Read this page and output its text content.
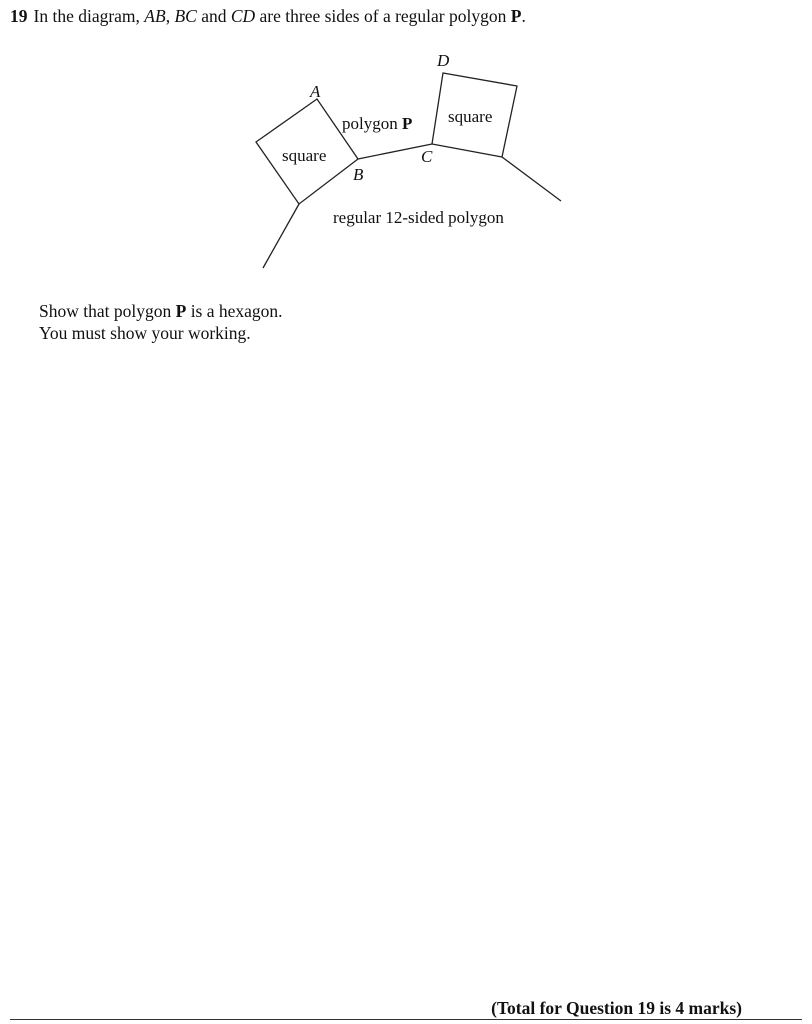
19 In the diagram, AB, BC and CD are three sides of a regular polygon P.
square
square
polygon P
regular 12-sided polygon
A
B
C
D

Show that polygon P is a hexagon.

You must show your working.

(Total for Question 19 is 4 marks)
